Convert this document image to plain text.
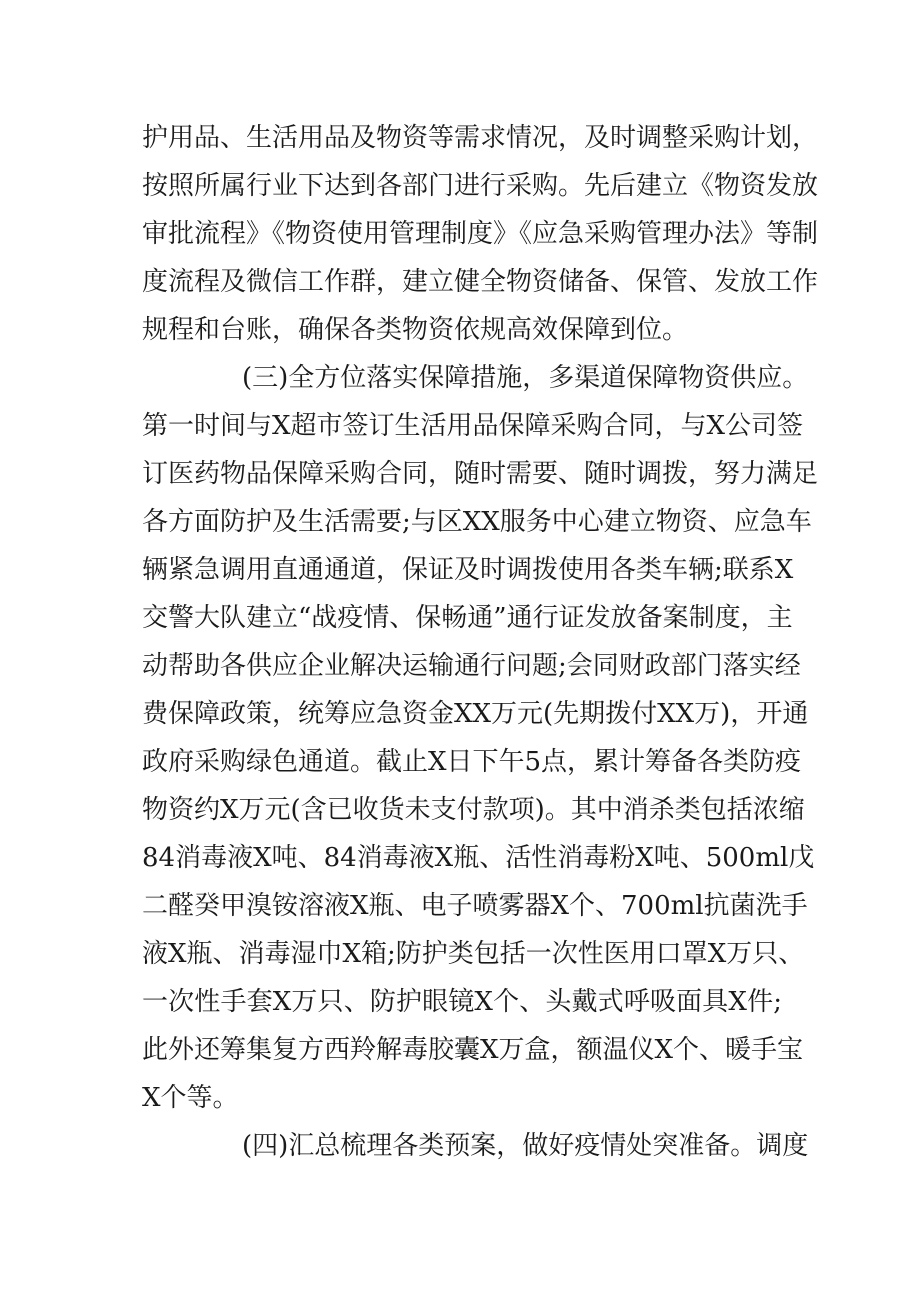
护用品、生活用品及物资等需求情况，及时调整采购计划，
按照所属行业下达到各部门进行采购。先后建立《物资发放
审批流程》《物资使用管理制度》《应急采购管理办法》等制
度流程及微信工作群，建立健全物资储备、保管、发放工作
规程和台账，确保各类物资依规高效保障到位。
(三)全方位落实保障措施，多渠道保障物资供应。
第一时间与X超市签订生活用品保障采购合同，与X公司签
订医药物品保障采购合同，随时需要、随时调拨，努力满足
各方面防护及生活需要;与区XX服务中心建立物资、应急车
辆紧急调用直通通道，保证及时调拨使用各类车辆;联系X
交警大队建立“战疫情、保畅通”通行证发放备案制度，主
动帮助各供应企业解决运输通行问题;会同财政部门落实经
费保障政策，统筹应急资金XX万元(先期拨付XX万)，开通
政府采购绿色通道。截止X日下午5点，累计筹备各类防疫
物资约X万元(含已收货未支付款项)。其中消杀类包括浓缩
84消毒液X吨、84消毒液X瓶、活性消毒粉X吨、500ml戊
二醛癸甲溴铵溶液X瓶、电子喷雾器X个、700ml抗菌洗手
液X瓶、消毒湿巾X箱;防护类包括一次性医用口罩X万只、
一次性手套X万只、防护眼镜X个、头戴式呼吸面具X件;
此外还筹集复方西羚解毒胶囊X万盒，额温仪X个、暖手宝
X个等。
(四)汇总梳理各类预案，做好疫情处突准备。调度
